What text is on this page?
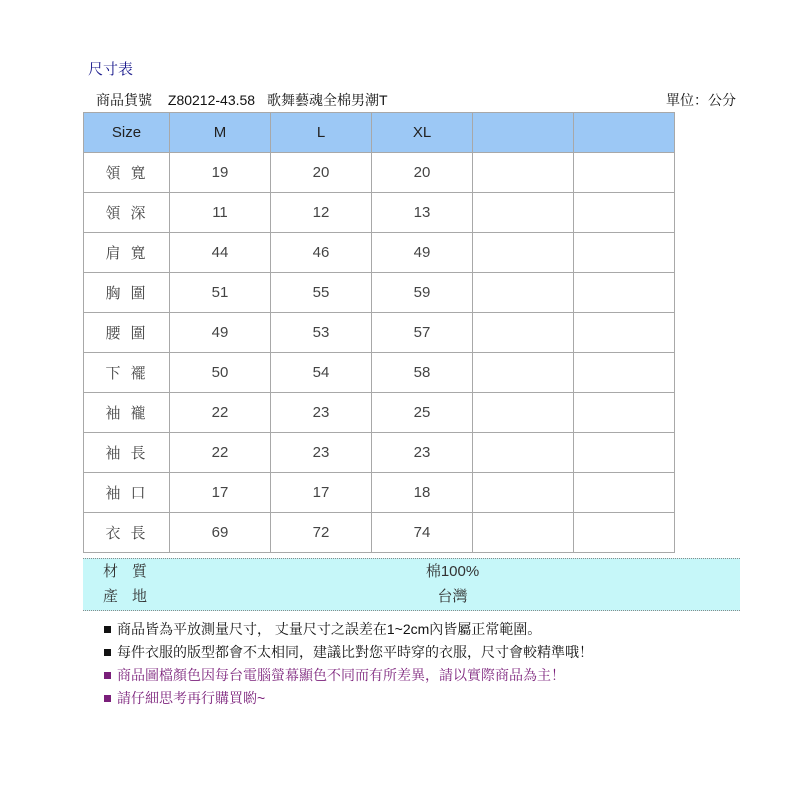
尺寸表
商品貨號 Z80212-43.58 歌舞藝魂全棉男潮T	單位：公分
Size	M	L	XL		
領寬	19	20	20		
領深	11	12	13		
肩寬	44	46	49		
胸圍	51	55	59		
腰圍	49	53	57		
下襬	50	54	58		
袖襱	22	23	25		
袖長	22	23	23		
袖口	17	17	18		
衣長	69	72	74		
材質	棉100%
產地	台灣
商品皆為平放測量尺寸， 丈量尺寸之誤差在1~2cm內皆屬正常範圍。
每件衣服的版型都會不太相同，建議比對您平時穿的衣服，尺寸會較精準哦！
商品圖檔顏色因每台電腦螢幕顯色不同而有所差異，請以實際商品為主！
請仔細思考再行購買喲~
